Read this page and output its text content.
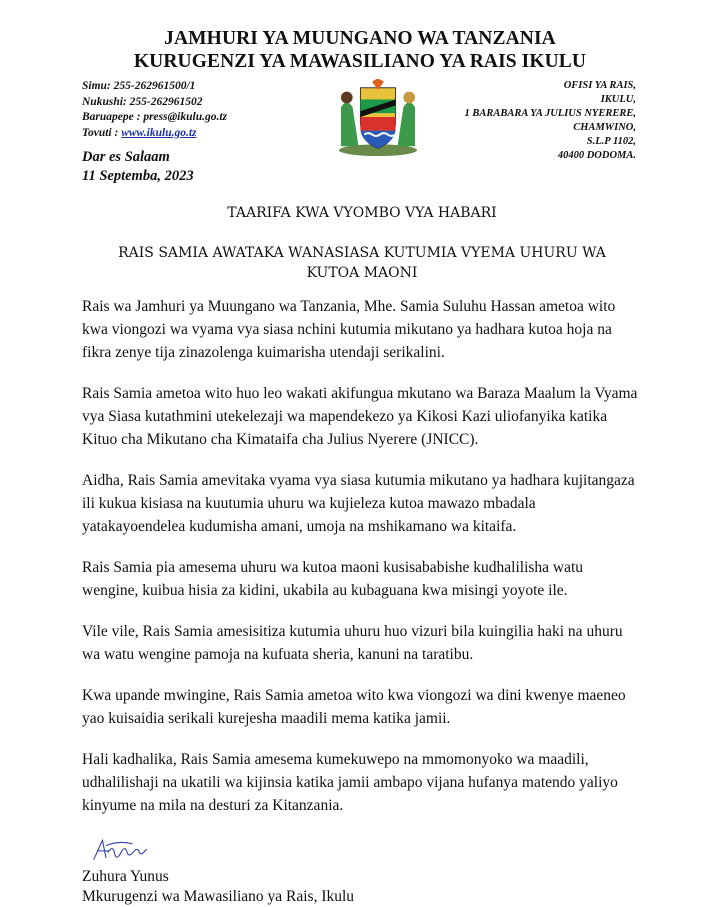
JAMHURI YA MUUNGANO WA TANZANIA
KURUGENZI YA MAWASILIANO YA RAIS IKULU
Simu: 255-262961500/1
Nukushi: 255-262961502
Baruapepe : press@ikulu.go.tz
Tovuti : www.ikulu.go.tz
OFISI YA RAIS,
IKULU,
1 BARABARA YA JULIUS NYERERE,
CHAMWINO,
S.L.P 1102,
40400 DODOMA.
Dar es Salaam
11 Septemba, 2023
TAARIFA KWA VYOMBO VYA HABARI
RAIS SAMIA AWATAKA WANASIASA KUTUMIA VYEMA UHURU WA KUTOA MAONI

Rais wa Jamhuri ya Muungano wa Tanzania, Mhe. Samia Suluhu Hassan ametoa wito kwa viongozi wa vyama vya siasa nchini kutumia mikutano ya hadhara kutoa hoja na fikra zenye tija zinazolenga kuimarisha utendaji serikalini.

Rais Samia ametoa wito huo leo wakati akifungua mkutano wa Baraza Maalum la Vyama vya Siasa kutathmini utekelezaji wa mapendekezo ya Kikosi Kazi uliofanyika katika Kituo cha Mikutano cha Kimataifa cha Julius Nyerere (JNICC).

Aidha, Rais Samia amevitaka vyama vya siasa kutumia mikutano ya hadhara kujitangaza ili kukua kisiasa na kuutumia uhuru wa kujieleza kutoa mawazo mbadala yatakayoendelea kudumisha amani, umoja na mshikamano wa kitaifa.

Rais Samia pia amesema uhuru wa kutoa maoni kusisababishe kudhalilisha watu wengine, kuibua hisia za kidini, ukabila au kubaguana kwa misingi yoyote ile.

Vile vile, Rais Samia amesisitiza kutumia uhuru huo vizuri bila kuingilia haki na uhuru wa watu wengine pamoja na kufuata sheria, kanuni na taratibu.

Kwa upande mwingine, Rais Samia ametoa wito kwa viongozi wa dini kwenye maeneo yao kuisaidia serikali kurejesha maadili mema katika jamii.

Hali kadhalika, Rais Samia amesema kumekuwepo na mmomonyoko wa maadili, udhalilishaji na ukatili wa kijinsia katika jamii ambapo vijana hufanya matendo yaliyo kinyume na mila na desturi za Kitanzania.

Zuhura Yunus
Mkurugenzi wa Mawasiliano ya Rais, Ikulu
